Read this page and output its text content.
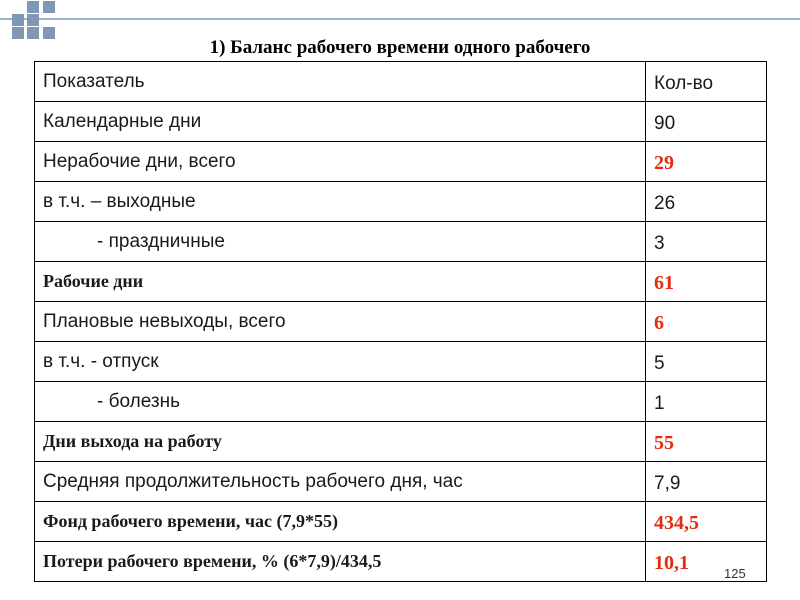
1) Баланс рабочего времени одного рабочего
Показатель	Кол-во
Календарные дни	90
Нерабочие дни, всего	29
в т.ч. – выходные	26
- праздничные	3
Рабочие дни	61
Плановые невыходы, всего	6
в т.ч. - отпуск	5
- болезнь	1
Дни выхода на работу	55
Средняя продолжительность рабочего дня, час	7,9
Фонд рабочего времени, час (7,9*55)	434,5
Потери рабочего времени, % (6*7,9)/434,5	10,1	125
